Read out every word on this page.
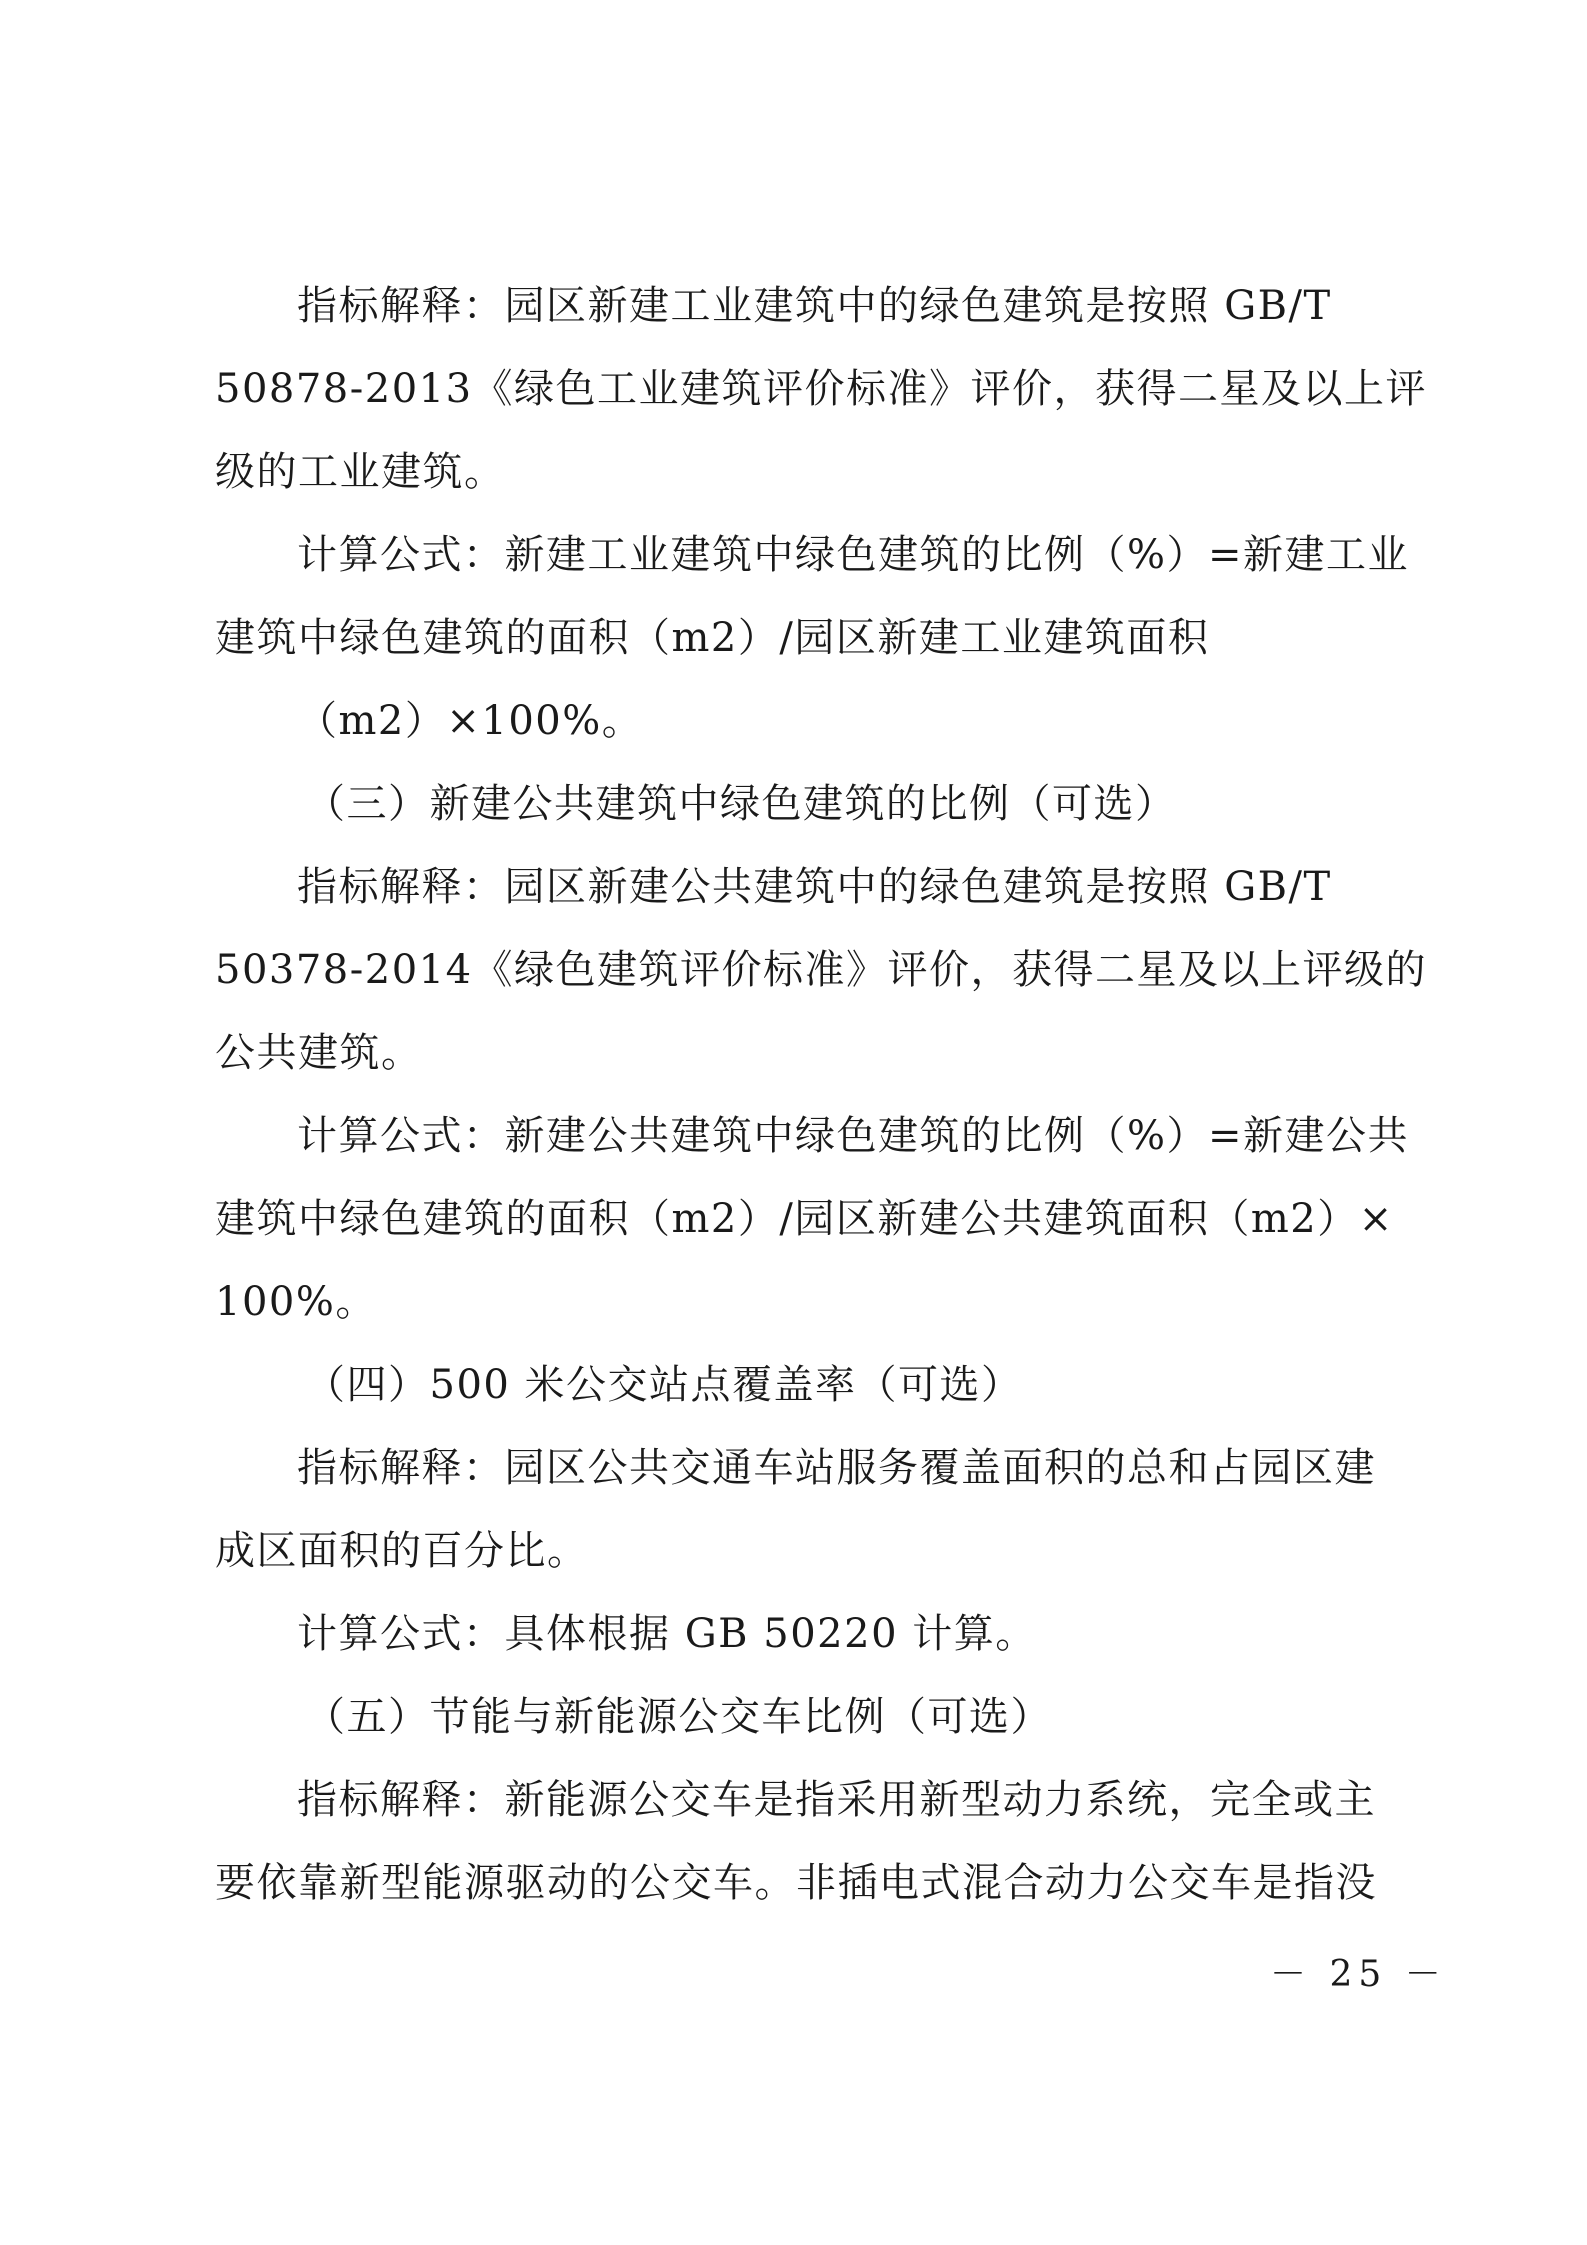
指标解释：园区新建工业建筑中的绿色建筑是按照 GB/T
50878-2013《绿色工业建筑评价标准》评价，获得二星及以上评
级的工业建筑。
计算公式：新建工业建筑中绿色建筑的比例（%）=新建工业
建筑中绿色建筑的面积（m2）/园区新建工业建筑面积
（m2）×100%。
（三）新建公共建筑中绿色建筑的比例（可选）
指标解释：园区新建公共建筑中的绿色建筑是按照 GB/T
50378-2014《绿色建筑评价标准》评价，获得二星及以上评级的
公共建筑。
计算公式：新建公共建筑中绿色建筑的比例（%）=新建公共
建筑中绿色建筑的面积（m2）/园区新建公共建筑面积（m2）×
100%。
（四）500 米公交站点覆盖率（可选）
指标解释：园区公共交通车站服务覆盖面积的总和占园区建
成区面积的百分比。
计算公式：具体根据 GB 50220 计算。
（五）节能与新能源公交车比例（可选）
指标解释：新能源公交车是指采用新型动力系统，完全或主
要依靠新型能源驱动的公交车。非插电式混合动力公交车是指没
－ 25 －
